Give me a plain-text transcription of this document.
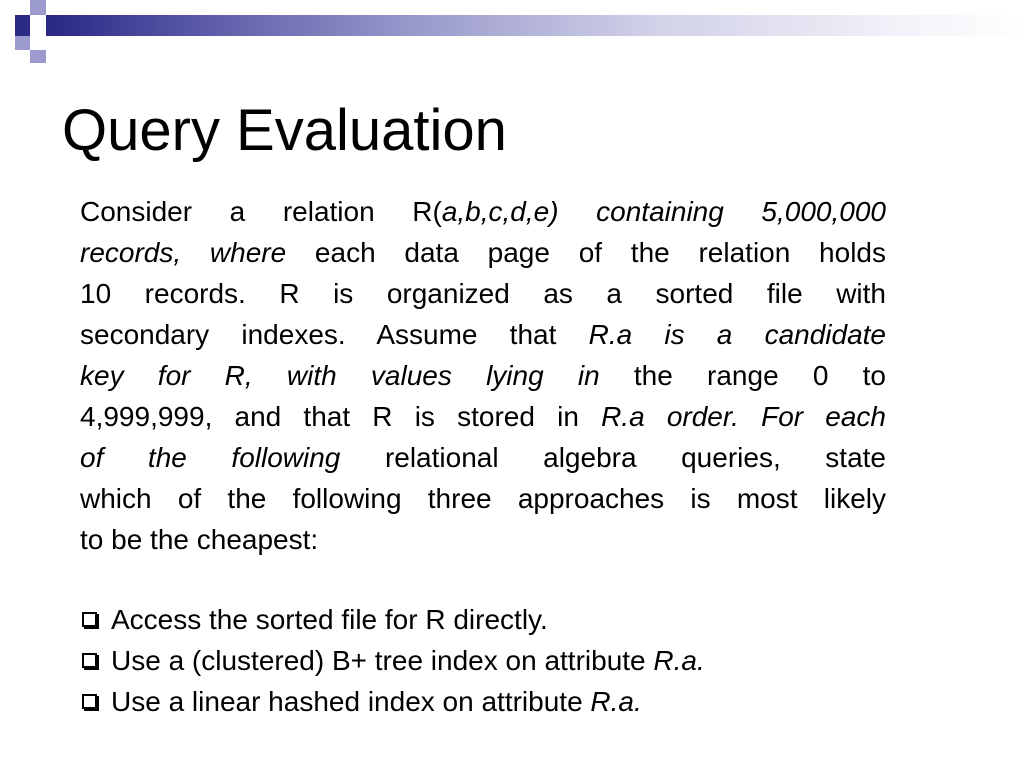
Query Evaluation
Consider a relation R(a,b,c,d,e) containing 5,000,000
records, where each data page of the relation holds
10 records. R is organized as a sorted file with
secondary indexes. Assume that R.a is a candidate
key for R, with values lying in the range 0 to
4,999,999, and that R is stored in R.a order. For each
of the following relational algebra queries, state
which of the following three approaches is most likely
to be the cheapest:
Access the sorted file for R directly.
Use a (clustered) B+ tree index on attribute R.a.
Use a linear hashed index on attribute R.a.
